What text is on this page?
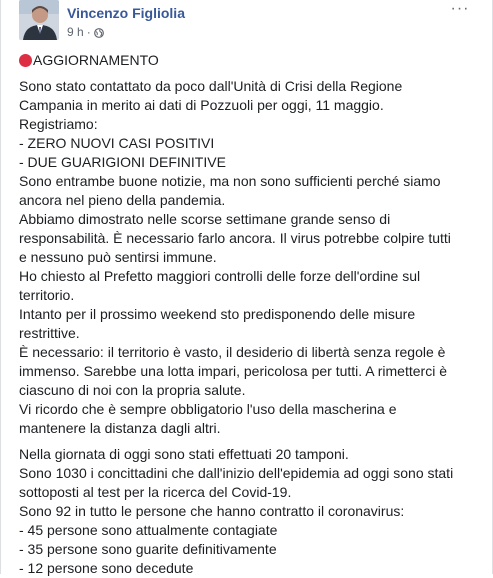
Vincenzo Figliolia
9 h ·
···

AGGIORNAMENTO

Sono stato contattato da poco dall'Unità di Crisi della Regione

Campania in merito ai dati di Pozzuoli per oggi, 11 maggio.

Registriamo:

- ZERO NUOVI CASI POSITIVI

- DUE GUARIGIONI DEFINITIVE

Sono entrambe buone notizie, ma non sono sufficienti perché siamo

ancora nel pieno della pandemia.

Abbiamo dimostrato nelle scorse settimane grande senso di

responsabilità. È necessario farlo ancora. Il virus potrebbe colpire tutti

e nessuno può sentirsi immune.

Ho chiesto al Prefetto maggiori controlli delle forze dell'ordine sul

territorio.

Intanto per il prossimo weekend sto predisponendo delle misure

restrittive.

È necessario: il territorio è vasto, il desiderio di libertà senza regole è

immenso. Sarebbe una lotta impari, pericolosa per tutti. A rimetterci è

ciascuno di noi con la propria salute.

Vi ricordo che è sempre obbligatorio l'uso della mascherina e

mantenere la distanza dagli altri.

Nella giornata di oggi sono stati effettuati 20 tamponi.

Sono 1030 i concittadini che dall'inizio dell'epidemia ad oggi sono stati

sottoposti al test per la ricerca del Covid-19.

Sono 92 in tutto le persone che hanno contratto il coronavirus:

- 45 persone sono attualmente contagiate

- 35 persone sono guarite definitivamente

- 12 persone sono decedute
